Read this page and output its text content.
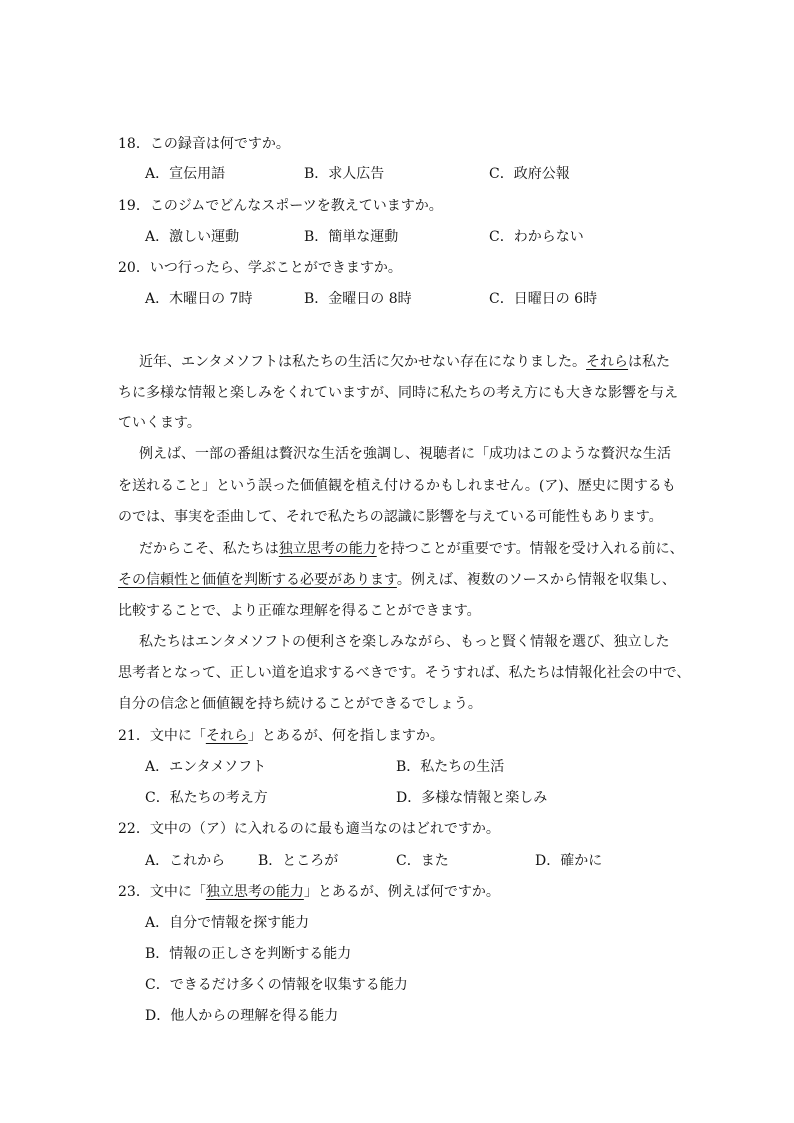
18．この録音は何ですか。
A．宣伝用語	B．求人広告	C．政府公報
19．このジムでどんなスポーツを教えていますか。
A．激しい運動	B．簡単な運動	C．わからない
20．いつ行ったら、学ぶことができますか。
A．木曜日の 7時	B．金曜日の 8時	C．日曜日の 6時
近年、エンタメソフトは私たちの生活に欠かせない存在になりました。それらは私た
ちに多様な情報と楽しみをくれていますが、同時に私たちの考え方にも大きな影響を与え
ていくます。
例えば、一部の番組は贅沢な生活を強調し、視聴者に「成功はこのような贅沢な生活
を送れること」という誤った価値観を植え付けるかもしれません。(ア)、歴史に関するも
のでは、事実を歪曲して、それで私たちの認識に影響を与えている可能性もあります。
だからこそ、私たちは独立思考の能力を持つことが重要です。情報を受け入れる前に、
その信頼性と価値を判断する必要があります。例えば、複数のソースから情報を収集し、
比較することで、より正確な理解を得ることができます。
私たちはエンタメソフトの便利さを楽しみながら、もっと賢く情報を選び、独立した
思考者となって、正しい道を追求するべきです。そうすれば、私たちは情報化社会の中で、
自分の信念と価値観を持ち続けることができるでしょう。
21．文中に「それら」とあるが、何を指しますか。
A．エンタメソフト	B．私たちの生活
C．私たちの考え方	D．多様な情報と楽しみ
22．文中の（ア）に入れるのに最も適当なのはどれですか。
A．これから B．ところが	C．また	D．確かに
23．文中に「独立思考の能力」とあるが、例えば何ですか。
A．自分で情報を探す能力
B．情報の正しさを判断する能力
C．できるだけ多くの情報を収集する能力
D．他人からの理解を得る能力
